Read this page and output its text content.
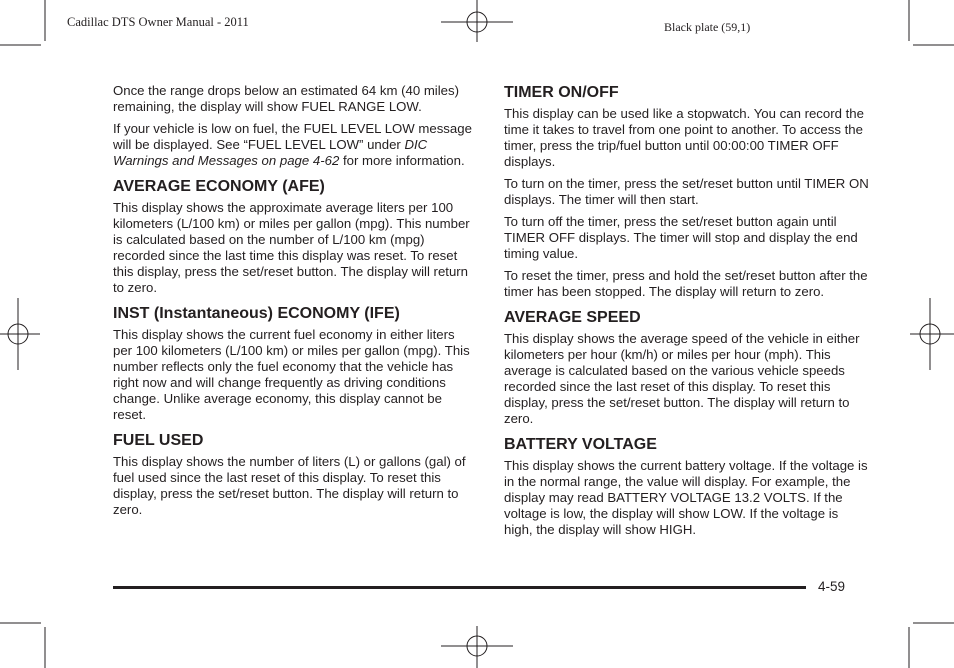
Cadillac DTS Owner Manual - 2011	Black plate (59,1)

Once the range drops below an estimated 64 km (40 miles) remaining, the display will show FUEL RANGE LOW.

If your vehicle is low on fuel, the FUEL LEVEL LOW message will be displayed. See “FUEL LEVEL LOW” under DIC Warnings and Messages on page 4-62 for more information.

AVERAGE ECONOMY (AFE)

This display shows the approximate average liters per 100 kilometers (L/100 km) or miles per gallon (mpg). This number is calculated based on the number of L/100 km (mpg) recorded since the last time this display was reset. To reset this display, press the set/reset button. The display will return to zero.

INST (Instantaneous) ECONOMY (IFE)

This display shows the current fuel economy in either liters per 100 kilometers (L/100 km) or miles per gallon (mpg). This number reflects only the fuel economy that the vehicle has right now and will change frequently as driving conditions change. Unlike average economy, this display cannot be reset.

FUEL USED

This display shows the number of liters (L) or gallons (gal) of fuel used since the last reset of this display. To reset this display, press the set/reset button. The display will return to zero.

TIMER ON/OFF

This display can be used like a stopwatch. You can record the time it takes to travel from one point to another. To access the timer, press the trip/fuel button until 00:00:00 TIMER OFF displays.

To turn on the timer, press the set/reset button until TIMER ON displays. The timer will then start.

To turn off the timer, press the set/reset button again until TIMER OFF displays. The timer will stop and display the end timing value.

To reset the timer, press and hold the set/reset button after the timer has been stopped. The display will return to zero.

AVERAGE SPEED

This display shows the average speed of the vehicle in either kilometers per hour (km/h) or miles per hour (mph). This average is calculated based on the various vehicle speeds recorded since the last reset of this display. To reset this display, press the set/reset button. The display will return to zero.

BATTERY VOLTAGE

This display shows the current battery voltage. If the voltage is in the normal range, the value will display. For example, the display may read BATTERY VOLTAGE 13.2 VOLTS. If the voltage is low, the display will show LOW. If the voltage is high, the display will show HIGH.

4-59
